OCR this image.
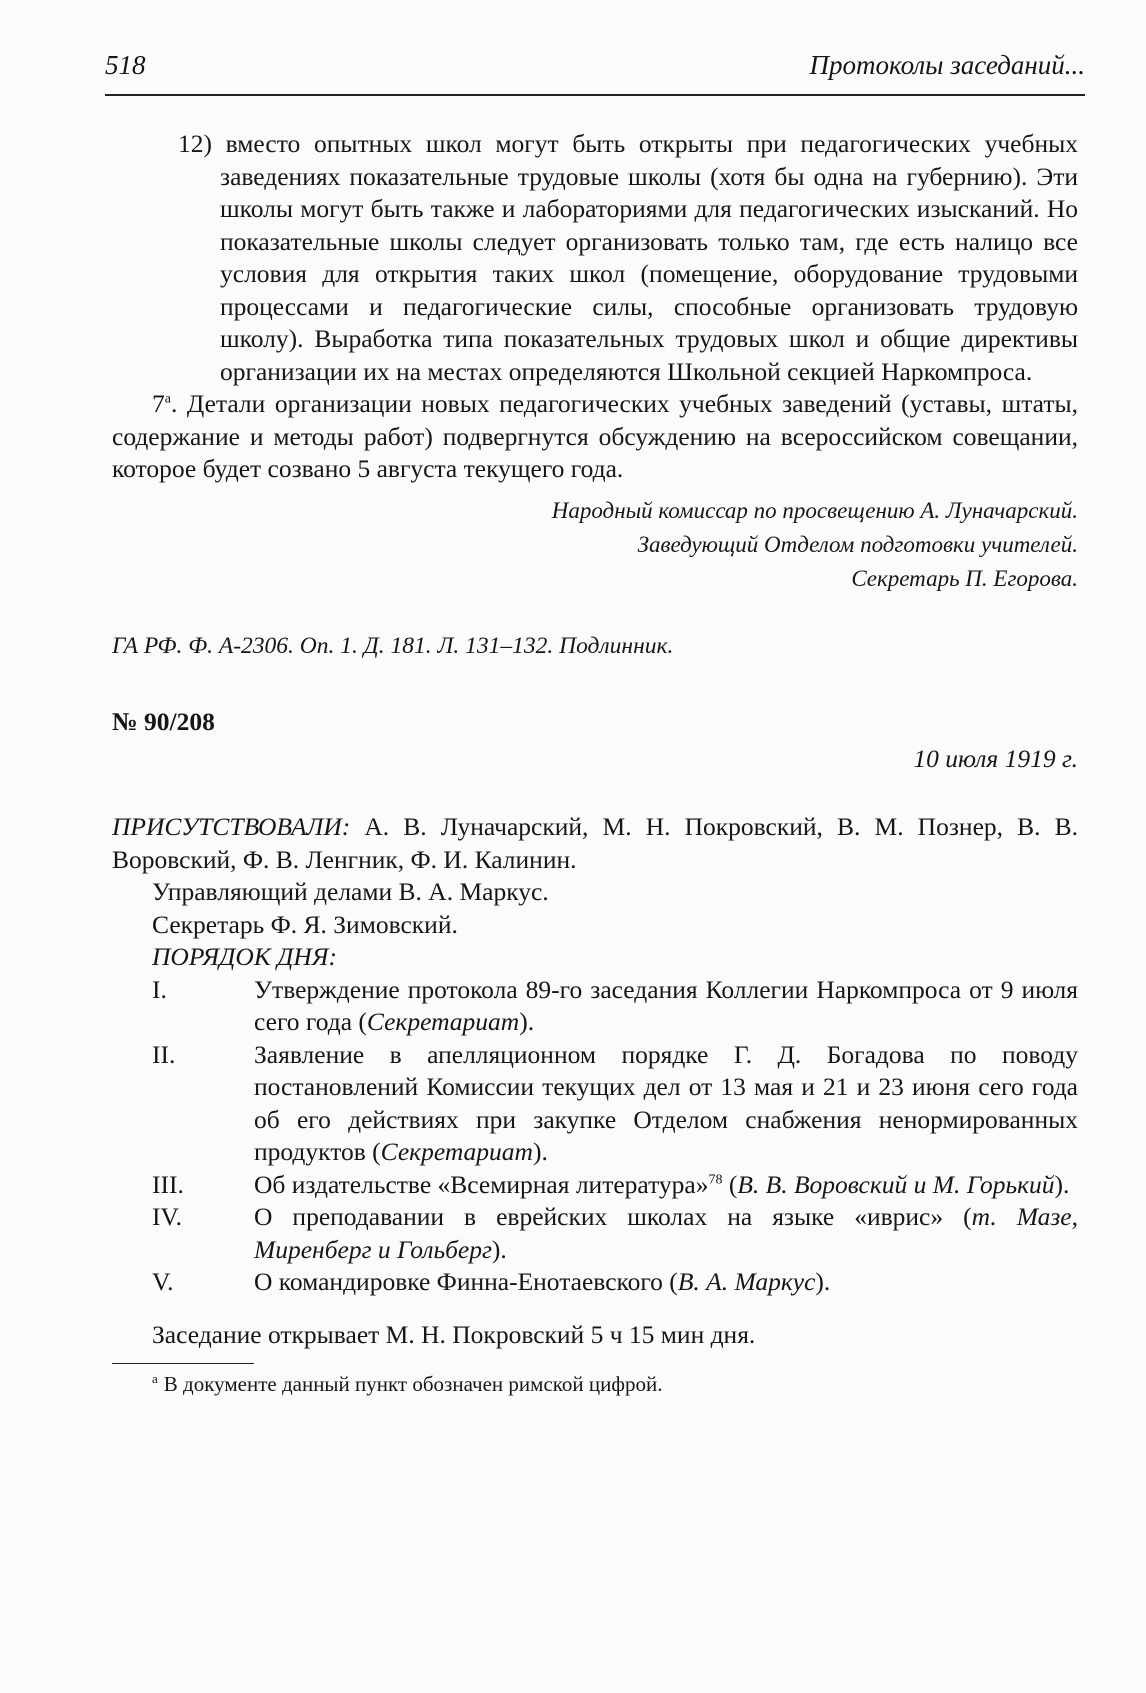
518	Протоколы заседаний...

12) вместо опытных школ могут быть открыты при педагогических учебных заведениях показательные трудовые школы (хотя бы одна на губернию). Эти школы могут быть также и лабораториями для педагогических изысканий. Но показательные школы следует организовать только там, где есть налицо все условия для открытия таких школ (помещение, оборудование трудовыми процессами и педагогические силы, способные организовать трудовую школу). Выработка типа показательных трудовых школ и общие директивы организации их на местах определяются Школьной секцией Наркомпроса.

$7^а$. Детали организации новых педагогических учебных заведений (уставы, штаты, содержание и методы работ) подвергнутся обсуждению на всероссийском совещании, которое будет созвано 5 августа текущего года.

Народный комиссар по просвещению А. Луначарский.

Заведующий Отделом подготовки учителей.

Секретарь П. Егорова.

ГА РФ. Ф. А-2306. Оп. 1. Д. 181. Л. 131–132. Подлинник.

№ 90/208

10 июля 1919 г.

ПРИСУТСТВОВАЛИ: А. В. Луначарский, М. Н. Покровский, В. М. Познер, В. В. Воровский, Ф. В. Ленгник, Ф. И. Калинин.

Управляющий делами В. А. Маркус.

Секретарь Ф. Я. Зимовский.

ПОРЯДОК ДНЯ:

I.	Утверждение протокола 89-го заседания Коллегии Наркомпроса от 9 июля сего года (Секретариат).
II.	Заявление в апелляционном порядке Г. Д. Богадова по поводу постановлений Комиссии текущих дел от 13 мая и 21 и 23 июня сего года об его действиях при закупке Отделом снабжения ненормированных продуктов (Секретариат).
III.	Об издательстве «Всемирная литература»$^{78}$ (В. В. Воровский и М. Горький).
IV.	О преподавании в еврейских школах на языке «иврис» (т. Мазе, Миренберг и Гольберг).
V.	О командировке Финна-Енотаевского (В. А. Маркус).

Заседание открывает М. Н. Покровский 5 ч 15 мин дня.

$^а$ В документе данный пункт обозначен римской цифрой.
